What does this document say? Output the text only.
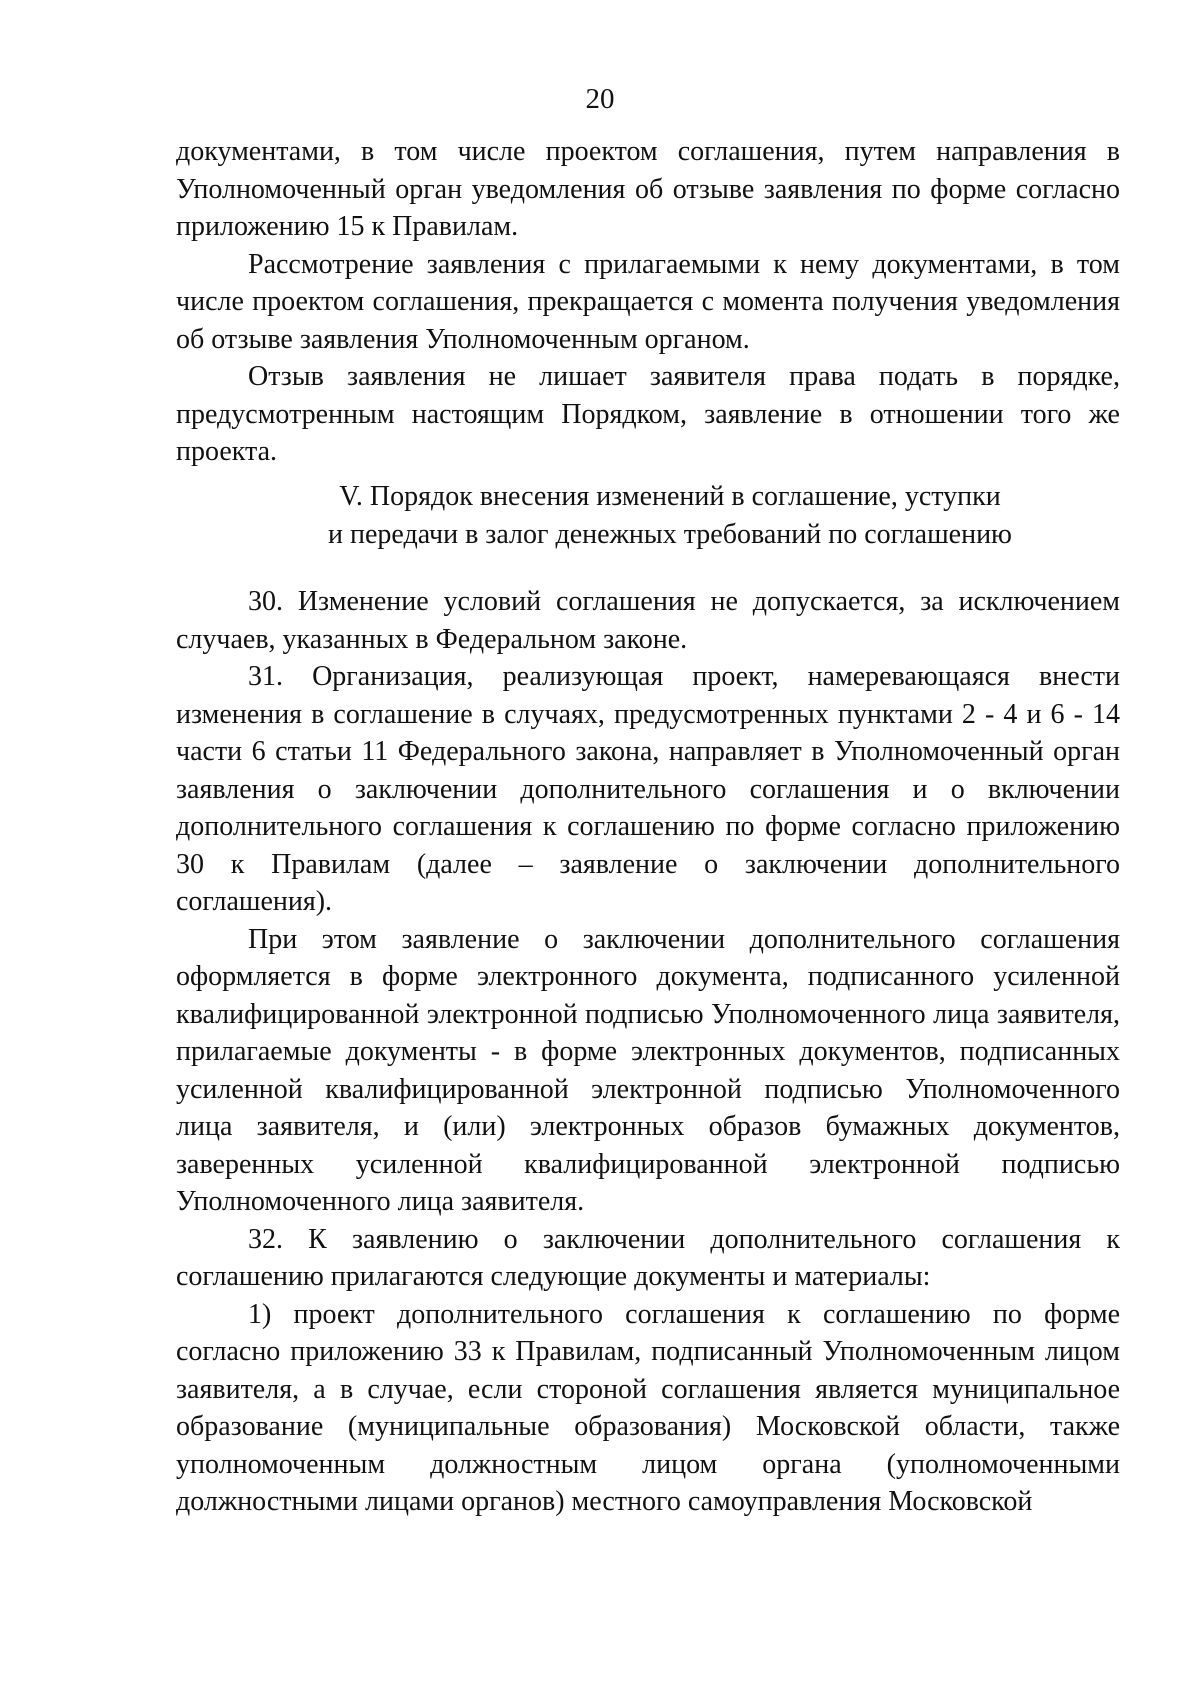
20

документами, в том числе проектом соглашения, путем направления в Уполномоченный орган уведомления об отзыве заявления по форме согласно приложению 15 к Правилам.

Рассмотрение заявления с прилагаемыми к нему документами, в том числе проектом соглашения, прекращается с момента получения уведомления об отзыве заявления Уполномоченным органом.

Отзыв заявления не лишает заявителя права подать в порядке, предусмотренным настоящим Порядком, заявление в отношении того же проекта.

V. Порядок внесения изменений в соглашение, уступки
и передачи в залог денежных требований по соглашению

30. Изменение условий соглашения не допускается, за исключением случаев, указанных в Федеральном законе.

31. Организация, реализующая проект, намеревающаяся внести изменения в соглашение в случаях, предусмотренных пунктами 2 - 4 и 6 - 14 части 6 статьи 11 Федерального закона, направляет в Уполномоченный орган заявления о заключении дополнительного соглашения и о включении дополнительного соглашения к соглашению по форме согласно приложению 30 к Правилам (далее – заявление о заключении дополнительного соглашения).

При этом заявление о заключении дополнительного соглашения оформляется в форме электронного документа, подписанного усиленной квалифицированной электронной подписью Уполномоченного лица заявителя, прилагаемые документы - в форме электронных документов, подписанных усиленной квалифицированной электронной подписью Уполномоченного лица заявителя, и (или) электронных образов бумажных документов, заверенных усиленной квалифицированной электронной подписью Уполномоченного лица заявителя.

32. К заявлению о заключении дополнительного соглашения к соглашению прилагаются следующие документы и материалы:

1) проект дополнительного соглашения к соглашению по форме согласно приложению 33 к Правилам, подписанный Уполномоченным лицом заявителя, а в случае, если стороной соглашения является муниципальное образование (муниципальные образования) Московской области, также уполномоченным должностным лицом органа (уполномоченными должностными лицами органов) местного самоуправления Московской
